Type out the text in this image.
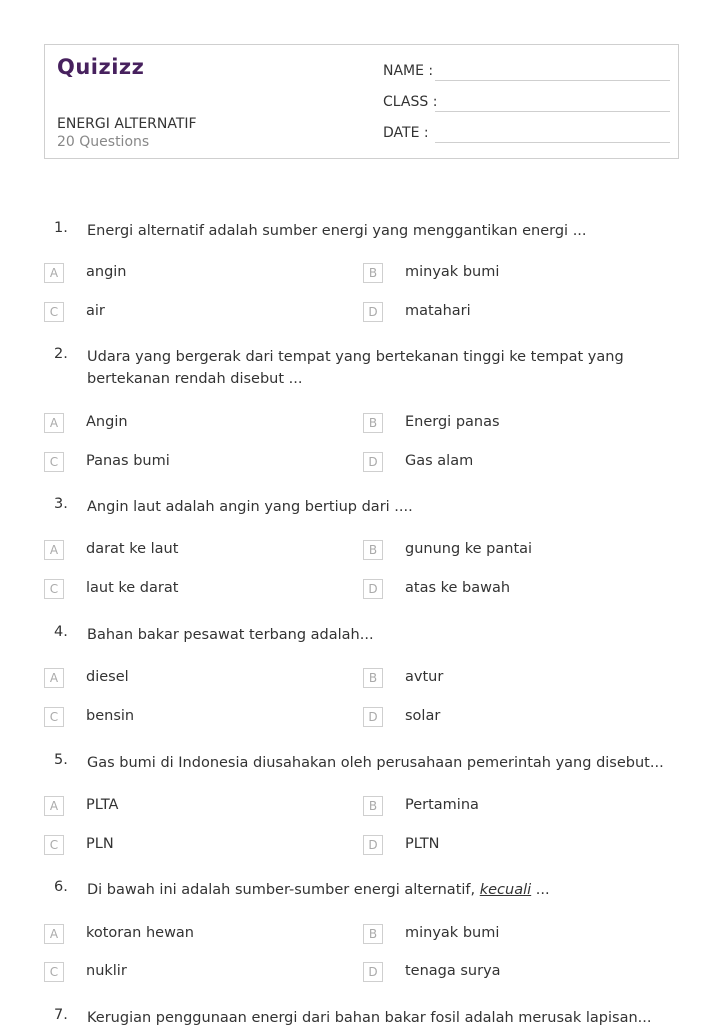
Quizizz
ENERGI ALTERNATIF
20 Questions
NAME :
CLASS :
DATE :
1.	Energi alternatif adalah sumber energi yang menggantikan energi ...
A	angin	B	minyak bumi
C	air	D	matahari
2.	Udara yang bergerak dari tempat yang bertekanan tinggi ke tempat yang bertekanan rendah disebut ...
A	Angin	B	Energi panas
C	Panas bumi	D	Gas alam
3.	Angin laut adalah angin yang bertiup dari ....
A	darat ke laut	B	gunung ke pantai
C	laut ke darat	D	atas ke bawah
4.	Bahan bakar pesawat terbang adalah...
A	diesel	B	avtur
C	bensin	D	solar
5.	Gas bumi di Indonesia diusahakan oleh perusahaan pemerintah yang disebut...
A	PLTA	B	Pertamina
C	PLN	D	PLTN
6.	Di bawah ini adalah sumber-sumber energi alternatif, kecuali ...
A	kotoran hewan	B	minyak bumi
C	nuklir	D	tenaga surya
7.	Kerugian penggunaan energi dari bahan bakar fosil adalah merusak lapisan...
